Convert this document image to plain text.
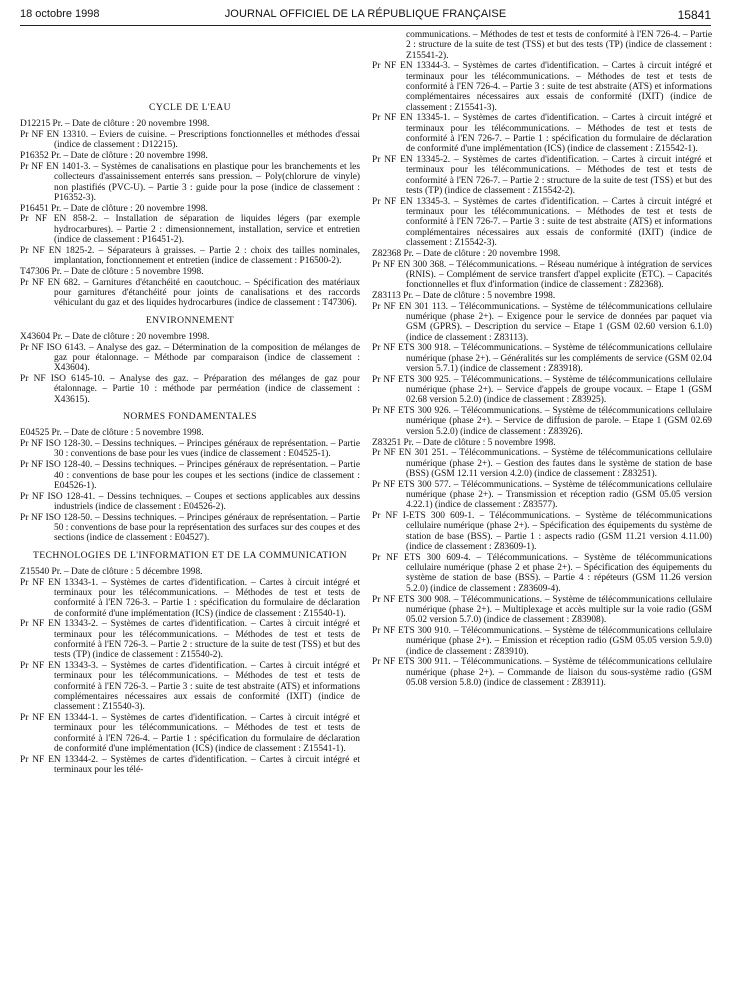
18 octobre 1998	JOURNAL OFFICIEL DE LA RÉPUBLIQUE FRANÇAISE	15841
CYCLE DE L'EAU

D12215 Pr. – Date de clôture : 20 novembre 1998.

Pr NF EN 13310. – Eviers de cuisine. – Prescriptions fonctionnelles et méthodes d'essai (indice de classement : D12215).

P16352 Pr. – Date de clôture : 20 novembre 1998.

Pr NF EN 1401-3. – Systèmes de canalisations en plastique pour les branchements et les collecteurs d'assainissement enterrés sans pression. – Poly(chlorure de vinyle) non plastifiés (PVC-U). – Partie 3 : guide pour la pose (indice de classement : P16352-3).

P16451 Pr. – Date de clôture : 20 novembre 1998.

Pr NF EN 858-2. – Installation de séparation de liquides légers (par exemple hydrocarbures). – Partie 2 : dimensionnement, installation, service et entretien (indice de classement : P16451-2).

Pr NF EN 1825-2. – Séparateurs à graisses. – Partie 2 : choix des tailles nominales, implantation, fonctionnement et entretien (indice de classement : P16500-2).

T47306 Pr. – Date de clôture : 5 novembre 1998.

Pr NF EN 682. – Garnitures d'étanchéité en caoutchouc. – Spécification des matériaux pour garnitures d'étanchéité pour joints de canalisations et des raccords véhiculant du gaz et des liquides hydrocarbures (indice de classement : T47306).

ENVIRONNEMENT

X43604 Pr. – Date de clôture : 20 novembre 1998.

Pr NF ISO 6143. – Analyse des gaz. – Détermination de la composition de mélanges de gaz pour étalonnage. – Méthode par comparaison (indice de classement : X43604).

Pr NF ISO 6145-10. – Analyse des gaz. – Préparation des mélanges de gaz pour étalonnage. – Partie 10 : méthode par perméation (indice de classement : X43615).

NORMES FONDAMENTALES

E04525 Pr. – Date de clôture : 5 novembre 1998.

Pr NF ISO 128-30. – Dessins techniques. – Principes généraux de représentation. – Partie 30 : conventions de base pour les vues (indice de classement : E04525-1).

Pr NF ISO 128-40. – Dessins techniques. – Principes généraux de représentation. – Partie 40 : conventions de base pour les coupes et les sections (indice de classement : E04526-1).

Pr NF ISO 128-41. – Dessins techniques. – Coupes et sections applicables aux dessins industriels (indice de classement : E04526-2).

Pr NF ISO 128-50. – Dessins techniques. – Principes généraux de représentation. – Partie 50 : conventions de base pour la représentation des surfaces sur des coupes et des sections (indice de classement : E04527).

TECHNOLOGIES DE L'INFORMATION ET DE LA COMMUNICATION

Z15540 Pr. – Date de clôture : 5 décembre 1998.

Pr NF EN 13343-1. – Systèmes de cartes d'identification. – Cartes à circuit intégré et terminaux pour les télécommunications. – Méthodes de test et tests de conformité à l'EN 726-3. – Partie 1 : spécification du formulaire de déclaration de conformité d'une implémentation (ICS) (indice de classement : Z15540-1).

Pr NF EN 13343-2. – Systèmes de cartes d'identification. – Cartes à circuit intégré et terminaux pour les télécommunications. – Méthodes de test et tests de conformité à l'EN 726-3. – Partie 2 : structure de la suite de test (TSS) et but des tests (TP) (indice de classement : Z15540-2).

Pr NF EN 13343-3. – Systèmes de cartes d'identification. – Cartes à circuit intégré et terminaux pour les télécommunications. – Méthodes de test et tests de conformité à l'EN 726-3. – Partie 3 : suite de test abstraite (ATS) et informations complémentaires nécessaires aux essais de conformité (IXIT) (indice de classement : Z15540-3).

Pr NF EN 13344-1. – Systèmes de cartes d'identification. – Cartes à circuit intégré et terminaux pour les télécommunications. – Méthodes de test et tests de conformité à l'EN 726-4. – Partie 1 : spécification du formulaire de déclaration de conformité d'une implémentation (ICS) (indice de classement : Z15541-1).

Pr NF EN 13344-2. – Systèmes de cartes d'identification. – Cartes à circuit intégré et terminaux pour les télé-

communications. – Méthodes de test et tests de conformité à l'EN 726-4. – Partie 2 : structure de la suite de test (TSS) et but des tests (TP) (indice de classement : Z15541-2).

Pr NF EN 13344-3. – Systèmes de cartes d'identification. – Cartes à circuit intégré et terminaux pour les télécommunications. – Méthodes de test et tests de conformité à l'EN 726-4. – Partie 3 : suite de test abstraite (ATS) et informations complémentaires nécessaires aux essais de conformité (IXIT) (indice de classement : Z15541-3).

Pr NF EN 13345-1. – Systèmes de cartes d'identification. – Cartes à circuit intégré et terminaux pour les télécommunications. – Méthodes de test et tests de conformité à l'EN 726-7. – Partie 1 : spécification du formulaire de déclaration de conformité d'une implémentation (ICS) (indice de classement : Z15542-1).

Pr NF EN 13345-2. – Systèmes de cartes d'identification. – Cartes à circuit intégré et terminaux pour les télécommunications. – Méthodes de test et tests de conformité à l'EN 726-7. – Partie 2 : structure de la suite de test (TSS) et but des tests (TP) (indice de classement : Z15542-2).

Pr NF EN 13345-3. – Systèmes de cartes d'identification. – Cartes à circuit intégré et terminaux pour les télécommunications. – Méthodes de test et tests de conformité à l'EN 726-7. – Partie 3 : suite de test abstraite (ATS) et informations complémentaires nécessaires aux essais de conformité (IXIT) (indice de classement : Z15542-3).

Z82368 Pr. – Date de clôture : 20 novembre 1998.

Pr NF EN 300 368. – Télécommunications. – Réseau numérique à intégration de services (RNIS). – Complément de service transfert d'appel explicite (ETC). – Capacités fonctionnelles et flux d'information (indice de classement : Z82368).

Z83113 Pr. – Date de clôture : 5 novembre 1998.

Pr NF EN 301 113. – Télécommunications. – Système de télécommunications cellulaire numérique (phase 2+). – Exigence pour le service de données par paquet via GSM (GPRS). – Description du service – Etape 1 (GSM 02.60 version 6.1.0) (indice de classement : Z83113).

Pr NF ETS 300 918. – Télécommunications. – Système de télécommunications cellulaire numérique (phase 2+). – Généralités sur les compléments de service (GSM 02.04 version 5.7.1) (indice de classement : Z83918).

Pr NF ETS 300 925. – Télécommunications. – Système de télécommunications cellulaire numérique (phase 2+). – Service d'appels de groupe vocaux. – Etape 1 (GSM 02.68 version 5.2.0) (indice de classement : Z83925).

Pr NF ETS 300 926. – Télécommunications. – Système de télécommunications cellulaire numérique (phase 2+). – Service de diffusion de parole. – Etape 1 (GSM 02.69 version 5.2.0) (indice de classement : Z83926).

Z83251 Pr. – Date de clôture : 5 novembre 1998.

Pr NF EN 301 251. – Télécommunications. – Système de télécommunications cellulaire numérique (phase 2+). – Gestion des fautes dans le système de station de base (BSS) (GSM 12.11 version 4.2.0) (indice de classement : Z83251).

Pr NF ETS 300 577. – Télécommunications. – Système de télécommunications cellulaire numérique (phase 2+). – Transmission et réception radio (GSM 05.05 version 4.22.1) (indice de classement : Z83577).

Pr NF I-ETS 300 609-1. – Télécommunications. – Système de télécommunications cellulaire numérique (phase 2+). – Spécification des équipements du système de station de base (BSS). – Partie 1 : aspects radio (GSM 11.21 version 4.11.00) (indice de classement : Z83609-1).

Pr NF ETS 300 609-4. – Télécommunications. – Système de télécommunications cellulaire numérique (phase 2 et phase 2+). – Spécification des équipements du système de station de base (BSS). – Partie 4 : répéteurs (GSM 11.26 version 5.2.0) (indice de classement : Z83609-4).

Pr NF ETS 300 908. – Télécommunications. – Système de télécommunications cellulaire numérique (phase 2+). – Multiplexage et accès multiple sur la voie radio (GSM 05.02 version 5.7.0) (indice de classement : Z83908).

Pr NF ETS 300 910. – Télécommunications. – Système de télécommunications cellulaire numérique (phase 2+). – Emission et réception radio (GSM 05.05 version 5.9.0) (indice de classement : Z83910).

Pr NF ETS 300 911. – Télécommunications. – Système de télécommunications cellulaire numérique (phase 2+). – Commande de liaison du sous-système radio (GSM 05.08 version 5.8.0) (indice de classement : Z83911).
